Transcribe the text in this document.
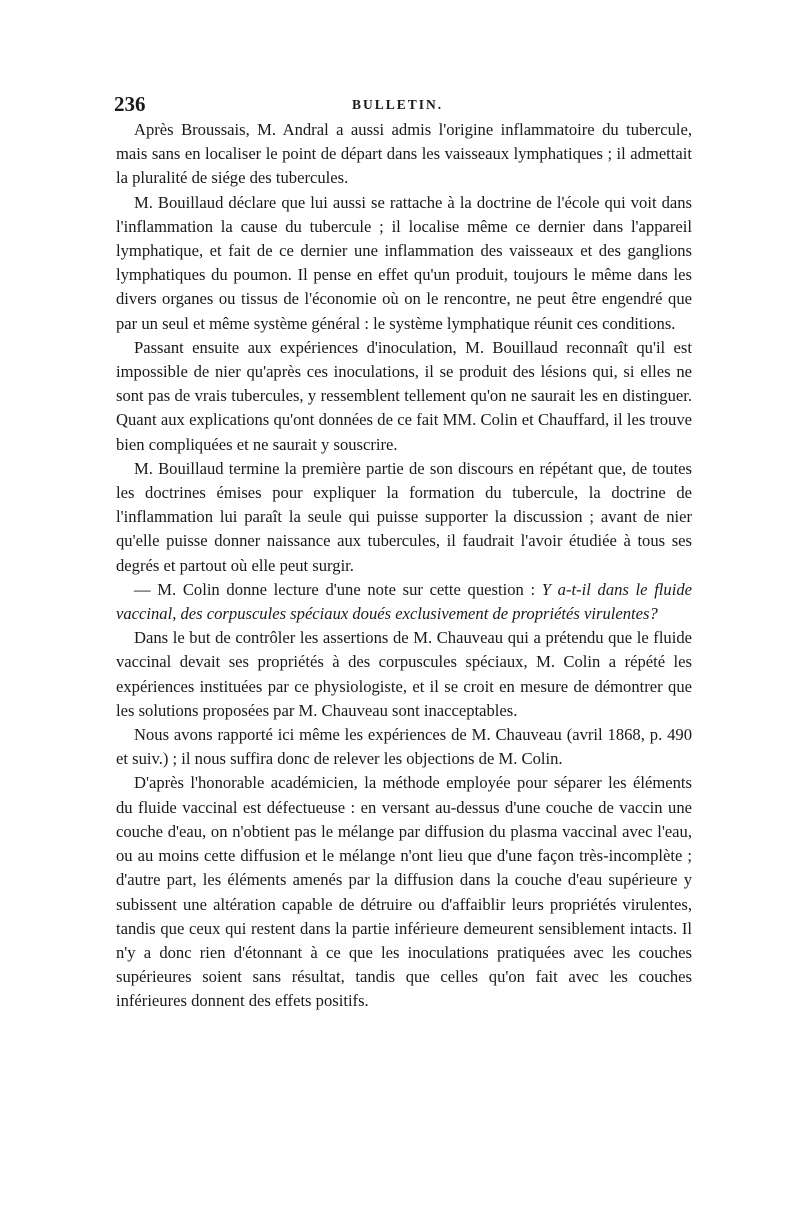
236	BULLETIN.

Après Broussais, M. Andral a aussi admis l'origine inflammatoire du tubercule, mais sans en localiser le point de départ dans les vaisseaux lymphatiques ; il admettait la pluralité de siége des tubercules.

M. Bouillaud déclare que lui aussi se rattache à la doctrine de l'école qui voit dans l'inflammation la cause du tubercule ; il localise même ce dernier dans l'appareil lymphatique, et fait de ce dernier une inflammation des vaisseaux et des ganglions lymphatiques du poumon. Il pense en effet qu'un produit, toujours le même dans les divers organes ou tissus de l'économie où on le rencontre, ne peut être engendré que par un seul et même système général : le système lymphatique réunit ces conditions.

Passant ensuite aux expériences d'inoculation, M. Bouillaud reconnaît qu'il est impossible de nier qu'après ces inoculations, il se produit des lésions qui, si elles ne sont pas de vrais tubercules, y ressemblent tellement qu'on ne saurait les en distinguer. Quant aux explications qu'ont données de ce fait MM. Colin et Chauffard, il les trouve bien compliquées et ne saurait y souscrire.

M. Bouillaud termine la première partie de son discours en répétant que, de toutes les doctrines émises pour expliquer la formation du tubercule, la doctrine de l'inflammation lui paraît la seule qui puisse supporter la discussion ; avant de nier qu'elle puisse donner naissance aux tubercules, il faudrait l'avoir étudiée à tous ses degrés et partout où elle peut surgir.

— M. Colin donne lecture d'une note sur cette question : Y a-t-il dans le fluide vaccinal, des corpuscules spéciaux doués exclusivement de propriétés virulentes?

Dans le but de contrôler les assertions de M. Chauveau qui a prétendu que le fluide vaccinal devait ses propriétés à des corpuscules spéciaux, M. Colin a répété les expériences instituées par ce physiologiste, et il se croit en mesure de démontrer que les solutions proposées par M. Chauveau sont inacceptables.

Nous avons rapporté ici même les expériences de M. Chauveau (avril 1868, p. 490 et suiv.) ; il nous suffira donc de relever les objections de M. Colin.

D'après l'honorable académicien, la méthode employée pour séparer les éléments du fluide vaccinal est défectueuse : en versant au-dessus d'une couche de vaccin une couche d'eau, on n'obtient pas le mélange par diffusion du plasma vaccinal avec l'eau, ou au moins cette diffusion et le mélange n'ont lieu que d'une façon très-incomplète ; d'autre part, les éléments amenés par la diffusion dans la couche d'eau supérieure y subissent une altération capable de détruire ou d'affaiblir leurs propriétés virulentes, tandis que ceux qui restent dans la partie inférieure demeurent sensiblement intacts. Il n'y a donc rien d'étonnant à ce que les inoculations pratiquées avec les couches supérieures soient sans résultat, tandis que celles qu'on fait avec les couches inférieures donnent des effets positifs.
